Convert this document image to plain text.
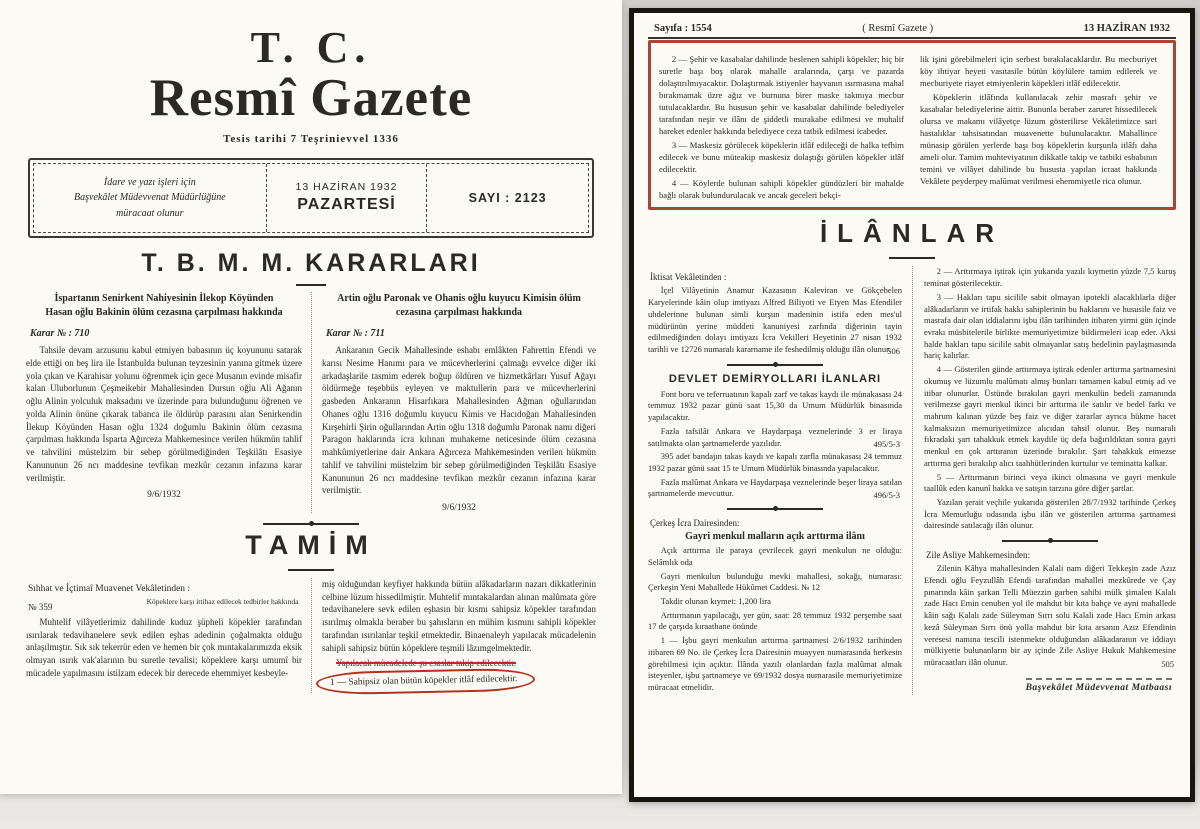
T. C.
Resmî Gazete
Tesis tarihi 7 Teşrinievvel 1336
İdare ve yazı işleri için
Başvekâlet Müdevvenat Müdürlüğüne
müracaat olunur
13 HAZİRAN 1932
PAZARTESİ	SAYI : 2123
T. B. M. M. KARARLARI
İspartanın Senirkent Nahiyesinin İlekop Köyünden Hasan oğlu Bakinin ölüm cezasına çarpılması hakkında
Karar № : 710

Tahsile devam arzusunu kabul etmiyen babasının üç koyununu satarak elde ettiği on beş lira ile İstanbulda bulunan teyzesinin yanına gitmek üzere yola çıkan ve Karahisar yolunu öğrenmek için gece Musanın evinde misafir kalan Uluborlunun Çeşmeikebir Mahallesinden Dursun oğlu Ali Ağanın oğlu Alinin yolculuk maksadını ve üzerinde para bulunduğunu öğrenen ve yolda Alinin önüne çıkarak tabanca ile öldürüp parasını alan Senirkendin İlekup Köyünden Hasan oğlu 1324 doğumlu Bakinin ölüm cezasına çarpılması hakkında İsparta Ağırceza Mahkemesince verilen hükmün tahlif ve tahvilini müstelzim bir sebep görülmediğinden Teşkilâtı Esasiye Kanununun 26 ncı maddesine tevfikan mezkûr cezanın infazına karar verilmiştir.

9/6/1932
Artin oğlu Paronak ve Ohanis oğlu kuyucu Kimisin ölüm cezasına çarpılması hakkında
Karar № : 711

Ankaranın Gecik Mahallesinde eshabı emlâkten Fahrettin Efendi ve karısı Nesime Hanımı para ve mücevherlerini çalmağı evvelce diğer iki arkadaşlarile tasmim ederek boğup öldüren ve hizmetkârları Yusuf Ağayı öldürmeğe teşebbüs eyleyen ve maktullerin para ve mücevherlerini gasbeden Ankaranın Hisarfıkara Mahallesinden Ağman oğullarından Ohanes oğlu 1316 doğumlu kuyucu Kimis ve Hacıdoğan Mahallesinden Kırşehirli Şirin oğullarından Artin oğlu 1318 doğumlu Paronak namı diğeri Paragon haklarında icra kılınan muhakeme neticesinde ölüm cezasına mahkûmiyetlerine dair Ankara Ağırceza Mahkemesinden verilen hükmün tahlif ve tahvilini müstelzim bir sebep görülmediğinden Teşkilâtı Esasiye Kanununun 26 ncı maddesine tevfikan mezkûr cezanın infazına karar verilmiştir.

9/6/1932
TAMİM
Sıhhat ve İçtimaî Muavenet Vekâletinden :
№ 359
Köpeklere karşı ittihaz edilecek tedbirler hakkında

Muhtelif vilâyetlerimiz dahilinde kuduz şüpheli köpekler tarafından ısırılarak tedavihanelere sevk edilen eşhas adedinin çoğalmakta olduğu anlaşılmıştır. Sık sık tekerrür eden ve hemen bir çok mıntakalarımızda eksik olmıyan ısırık vak'alarının bu suretle tevalisi; köpeklere karşı umumî bir mücadele yapılmasını istilzam edecek bir derecede ehemmiyet kesbeyle-

miş olduğundan keyfiyet hakkında bütün alâkadarların nazarı dikkatlerinin celbine lüzum hissedilmiştir. Muhtelif mıntakalardan alınan malûmata göre tedavihanelere sevk edilen eşhasın bir kısmı sahipsiz köpekler tarafından ısırılmış olmakla beraber bu şahısların en mühim kısmını sahipli köpekler tarafından ısırılanlar teşkil etmektedir. Binaenaleyh yapılacak mücadelenin sahipli sahipsiz bütün köpeklere teşmili lâzımgelmektedir.

Yapılacak mücadelede şu esaslar takip edilecektir.
1 — Sahipsiz olan bütün köpekler itlâf edilecektir.
Sayıfa : 1554	( Resmî Gazete )	13 HAZİRAN 1932

2 — Şehir ve kasabalar dahilinde beslenen sahipli köpekler; hiç bir suretle başı boş olarak mahalle aralarında, çarşı ve pazarda dolaştırılmıyacaktır. Dolaştırmak istiyenler hayvanın ısırmasına mahal bırakmamak üzre ağız ve burnuna birer maske takmıya mecbur tutulacaklardır. Bu hususun şehir ve kasabalar dahilinde belediyeler tarafından neşir ve ilânı de şiddetli murakabe edilmesi ve muhalif hareket edenler hakkında belediyece ceza tatbik edilmesi icabeder.

3 — Maskesiz görülecek köpeklerin itlâf edileceği de halka tefhim edilecek ve bunu müteakip maskesiz dolaştığı görülen köpekler itlâf edilecektir.

4 — Köylerde bulunan sahipli köpekler gündüzleri bir mahalde bağlı olarak bulundurulacak ve ancak geceleri bekçi-

lik işini görebilmeleri için serbest bırakılacaklardır. Bu mecburiyet köy ihtiyar heyeti vasıtasile bütün köylülere tamim edilerek ve mecburiyete riayet etmiyenlerin köpekleri itlâf edilecektir.

Köpeklerin itlâfında kullanılacak zehir masrafı şehir ve kasabalar belediyelerine aittir. Bununla beraber zaruret hissedilecek olursa ve makamı vilâyetçe lüzum gösterilirse Vekâletimizce sari hastalıklar tahsisatından muavenette bulunulacaktır. Mahallince münasip görülen yerlerde başı boş köpeklerin kurşunla itlâfı daha ameli olur. Tamim muhteviyatının dikkatle takip ve tatbiki esbabının temini ve vilâyet dahilinde bu hususta yapılan icraat hakkında Vekâlete peyderpey malûmat verilmesi ehemmiyetle rica olunur.

İLÂNLAR
İktisat Vekâletinden :

İçel Vilâyetinin Anamur Kazasının Kaleviran ve Gökçebelen Karyelerinde kâin olup imtiyazı Alfred Biliyoti ve Etyen Mas Efendiler uhdelerinne bulunan simli kurşun madeninin istifa eden mes'ul müdürünün yerine müddeti kanuniyesi zarfında diğerinin tayin edilmediğinden dolayı imtiyazı İcra Vekilleri Heyetinin 27 nisan 1932 tarihli ve 12726 numaralı kararname ile feshedilmiş olduğu ilân olunur.

506
DEVLET DEMİRYOLLARI İLANLARI

Font boru ve teferruatının kapalı zarf ve takas kaydı ile münakasası 24 temmuz 1932 pazar günü saat 15,30 da Umum Müdürlük binasında yapılacaktır.

Fazla tafsilât Ankara ve Haydarpaşa veznelerinde 3 er liraya satılmakta olan şartnamelerde yazılıdır.	495/5-3

395 adet bandajın takas kaydı ve kapalı zarfla münakasası 24 temmuz 1932 pazar günü saat 15 te Umum Müdürlük binasında yapılacaktır.

Fazla malûmat Ankara ve Haydarpaşa veznelerinde beşer liraya satılan şartnamelerde mevcuttur.	496/5-3
Çerkeş İcra Dairesinden:
Gayri menkul malların açık arttırma ilânı

Açık arttırma ile paraya çevrilecek gayri menkulun ne olduğu: Selâmlık oda

Gayri menkulun bulunduğu mevki mahallesi, sokağı, numarası: Çerkeşin Yeni Mahallede Hükûmet Caddesi. № 12

Takdir olunan kıymet: 1,200 lira

Arttırmanın yapılacağı, yer gün, saat: 28 temmuz 1932 perşembe saat 17 de çarşıda kıraathane önünde

1 — İşbu gayri menkulun arttırma şartnamesi 2/6/1932 tarihinden itibaren 69 No. ile Çerkeş İcra Dairesinin muayyen numarasında herkesin görebilmesi için açıktır. İlânda yazılı olanlardan fazla malûmat almak isteyenler, işbu şartnameye ve 69/1932 dosya numarasile memuriyetimize müracaat etmelidir.

2 — Arttırmaya iştirak için yukarıda yazılı kıymetin yüzde 7,5 kuruş teminat gösterilecektir.

3 — Hakları tapu sicilile sabit olmayan ipotekli alacaklılarla diğer alâkadarların ve irtifak hakkı sahiplerinin bu haklarını ve hususile faiz ve masrafa dair olan iddialarını işbu ilân tarihinden itibaren yirmi gün içinde evrakı müsbitelerile birlikte memuriyetimize bildirmeleri icap eder. Aksi halde hakları tapu sicilile sabit olmayanlar satış bedelinin paylaşmasında hariç kalırlar.

4 — Gösterilen günde arttırmaya iştirak edenler arttırma şartnamesini okumuş ve lüzumlu malûmatı almış bunları tamamen kabul etmiş ad ve itibar olunurlar. Üstünde bırakılan gayri menkulün bedeli zamanında verilmezse gayri menkul ikinci bir arttırma ile satılır ve bedel farkı ve mahrum kalınan yüzde beş faiz ve diğer zararlar ayrıca hükme hacet kalmaksızın memuriyetimizce alıcıdan tahsil olunur. Beş numaralı fıkradaki şart tahakkuk etmek kaydile üç defa bağırıldıktan sonra gayri menkul en çok arttıranın üzerinde bırakılır. Şart tahakkuk etmezse arttırma geri bırakılıp alıcı taahhütlerinden kurtulur ve teminatta kalkar.

5 — Arttırmanın birinci veya ikinci olmasına ve gayri menkule taallûk eden kanunî hakka ve satışın tarzına göre diğer şartlar.

Yazılan şerait veçhile yukarıda gösterilen 28/7/1932 tarihinde Çerkeş İcra Memurluğu odasında işbu ilân ve gösterilen arttırma şartnamesi dairesinde satılacağı ilân olunur.

Zile Asliye Mahkemesinden:

Zilenin Kâhya mahallesinden Kalali nam diğeri Tekkeşin zade Azız Efendi oğlu Feyzullâh Efendi tarafından mahallei mezkûrede ve Çay pınarında kâin şarkan Telli Müezzin garben sahibi mülk şimalen Kalalı zade Hacı Emin cenuben yol ile mahdut bir kıta bahçe ve ayni mahallede kâin sağı Kalalı zade Süleyman Sırrı solu Kalali zade Hacı Emin arkası kezâ Süleyman Sırrı önü yolla mahdut bir kıta arsanın Azız Efendinin veresesi namına tescili istenmekte olduğundan alâkadaranın ve iddiayı mülkiyette bulunanların bir ay içinde Zile Asliye Hukuk Mahkemesine müracaatları ilân olunur.	505
Başvekâlet Müdevvenat Matbaası
